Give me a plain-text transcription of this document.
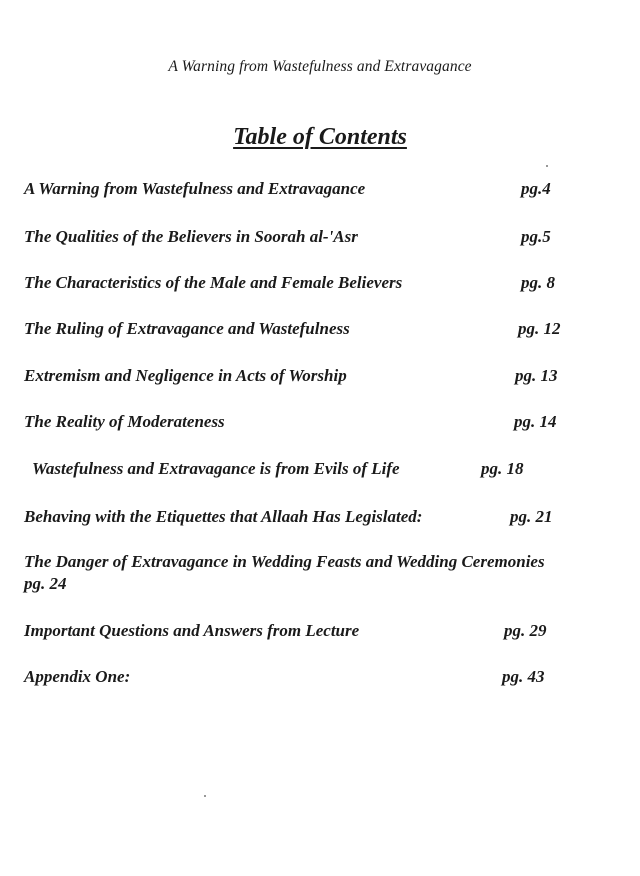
A Warning from Wastefulness and Extravagance
Table of Contents
A Warning from Wastefulness and Extravagance	pg.4
The Qualities of the Believers in Soorah al-'Asr	pg.5
The Characteristics of the Male and Female Believers	pg. 8
The Ruling of Extravagance and Wastefulness	pg. 12
Extremism and Negligence in Acts of Worship	pg. 13
The Reality of Moderateness	pg. 14
Wastefulness and Extravagance is from Evils of Life	pg. 18
Behaving with the Etiquettes that Allaah Has Legislated:	pg. 21
The Danger of Extravagance in Wedding Feasts and Wedding Ceremonies
pg. 24
Important Questions and Answers from Lecture	pg. 29
Appendix One:	pg. 43
